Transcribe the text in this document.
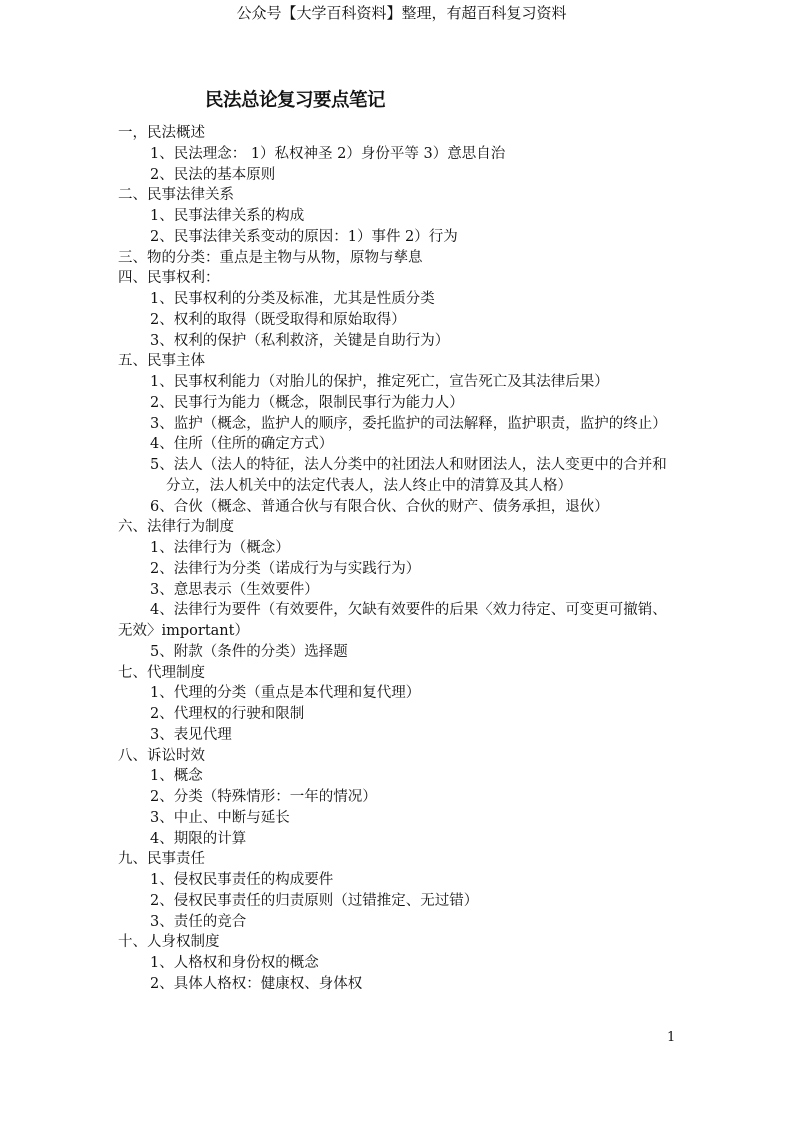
公众号【大学百科资料】整理，有超百科复习资料
民法总论复习要点笔记
一，民法概述
1、民法理念： 1）私权神圣 2）身份平等 3）意思自治
2、民法的基本原则
二、民事法律关系
1、民事法律关系的构成
2、民事法律关系变动的原因：1）事件 2）行为
三、物的分类：重点是主物与从物，原物与孳息
四、民事权利：
1、民事权利的分类及标准，尤其是性质分类
2、权利的取得（既受取得和原始取得）
3、权利的保护（私利救济，关键是自助行为）
五、民事主体
1、民事权利能力（对胎儿的保护，推定死亡，宣告死亡及其法律后果）
2、民事行为能力（概念，限制民事行为能力人）
3、监护（概念，监护人的顺序，委托监护的司法解释，监护职责，监护的终止）
4、住所（住所的确定方式）
5、法人（法人的特征，法人分类中的社团法人和财团法人，法人变更中的合并和
分立，法人机关中的法定代表人，法人终止中的清算及其人格）
6、合伙（概念、普通合伙与有限合伙、合伙的财产、债务承担，退伙）
六、法律行为制度
1、法律行为（概念）
2、法律行为分类（诺成行为与实践行为）
3、意思表示（生效要件）
4、法律行为要件（有效要件，欠缺有效要件的后果〈效力待定、可变更可撤销、
无效〉important）
5、附款（条件的分类）选择题
七、代理制度
1、代理的分类（重点是本代理和复代理）
2、代理权的行驶和限制
3、表见代理
八、诉讼时效
1、概念
2、分类（特殊情形：一年的情况）
3、中止、中断与延长
4、期限的计算
九、民事责任
1、侵权民事责任的构成要件
2、侵权民事责任的归责原则（过错推定、无过错）
3、责任的竞合
十、人身权制度
1、人格权和身份权的概念
2、具体人格权：健康权、身体权
1
